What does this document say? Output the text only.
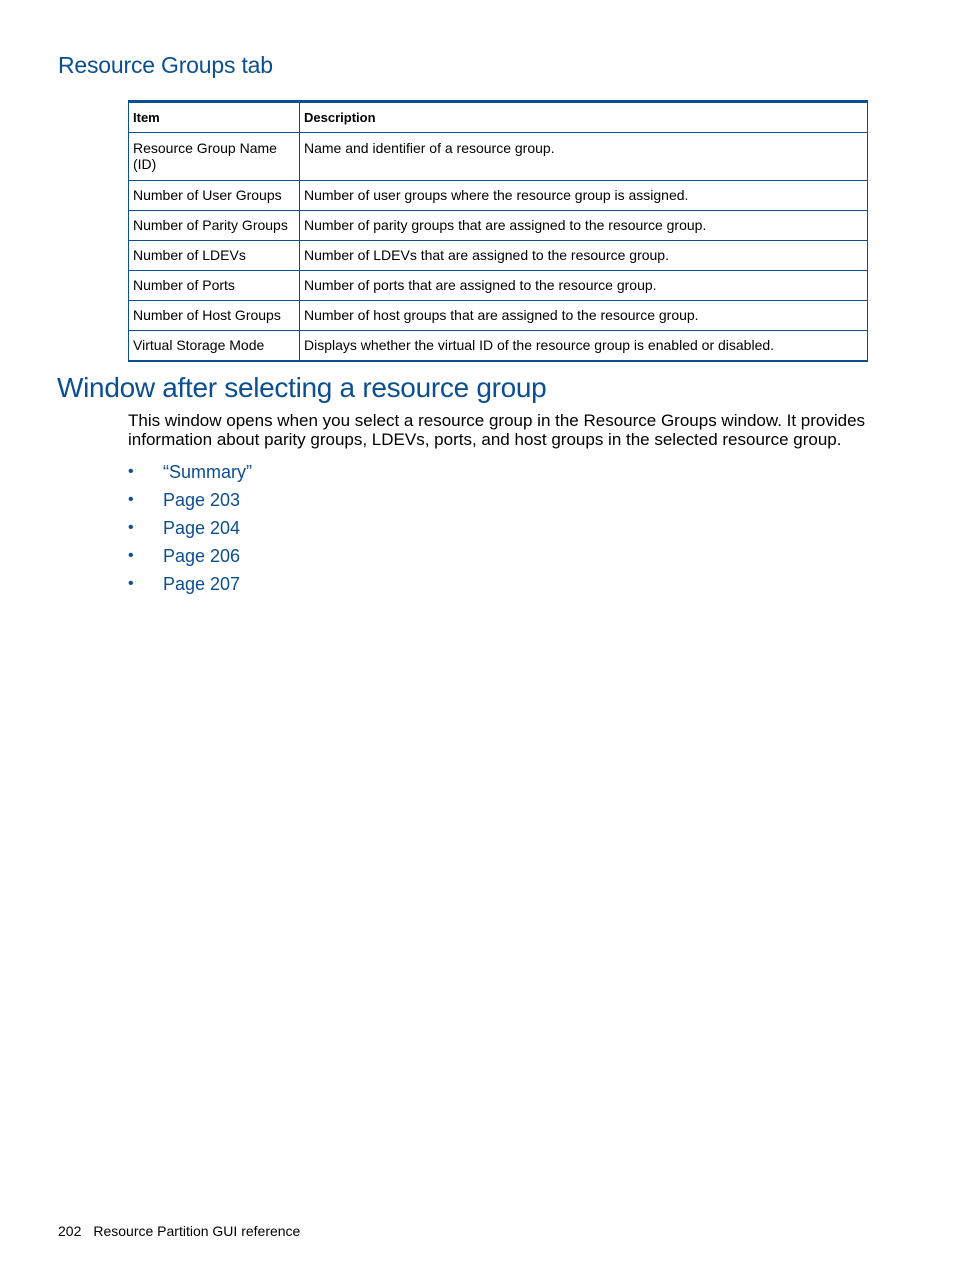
Resource Groups tab
Item	Description
Resource Group Name (ID)	Name and identifier of a resource group.
Number of User Groups	Number of user groups where the resource group is assigned.
Number of Parity Groups	Number of parity groups that are assigned to the resource group.
Number of LDEVs	Number of LDEVs that are assigned to the resource group.
Number of Ports	Number of ports that are assigned to the resource group.
Number of Host Groups	Number of host groups that are assigned to the resource group.
Virtual Storage Mode	Displays whether the virtual ID of the resource group is enabled or disabled.
Window after selecting a resource group

This window opens when you select a resource group in the Resource Groups window. It provides information about parity groups, LDEVs, ports, and host groups in the selected resource group.

•	“Summary”
•	Page 203
•	Page 204
•	Page 206
•	Page 207
202 Resource Partition GUI reference
